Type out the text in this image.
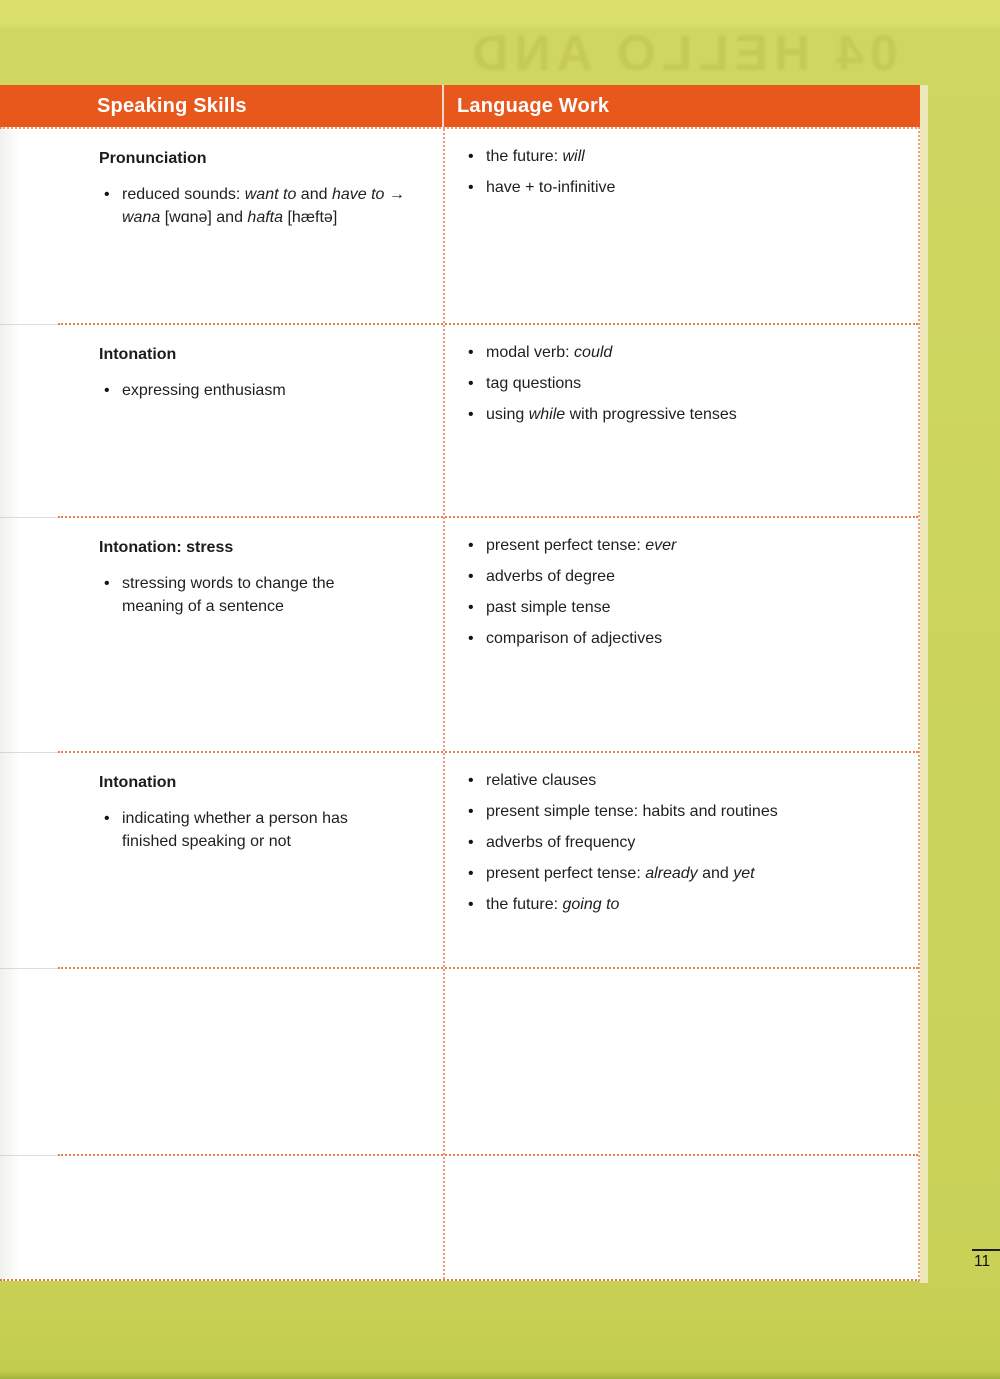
04 HELLO AND
Speaking Skills	Language Work
Pronunciation
• reduced sounds: want to and have to →
wana [wɑnə] and hafta [hæftə]
• the future: will
• have + to-infinitive
Intonation
• expressing enthusiasm
• modal verb: could
• tag questions
• using while with progressive tenses
Intonation: stress
• stressing words to change the
meaning of a sentence
• present perfect tense: ever
• adverbs of degree
• past simple tense
• comparison of adjectives
Intonation
• indicating whether a person has
finished speaking or not
• relative clauses
• present simple tense: habits and routines
• adverbs of frequency
• present perfect tense: already and yet
• the future: going to
11
